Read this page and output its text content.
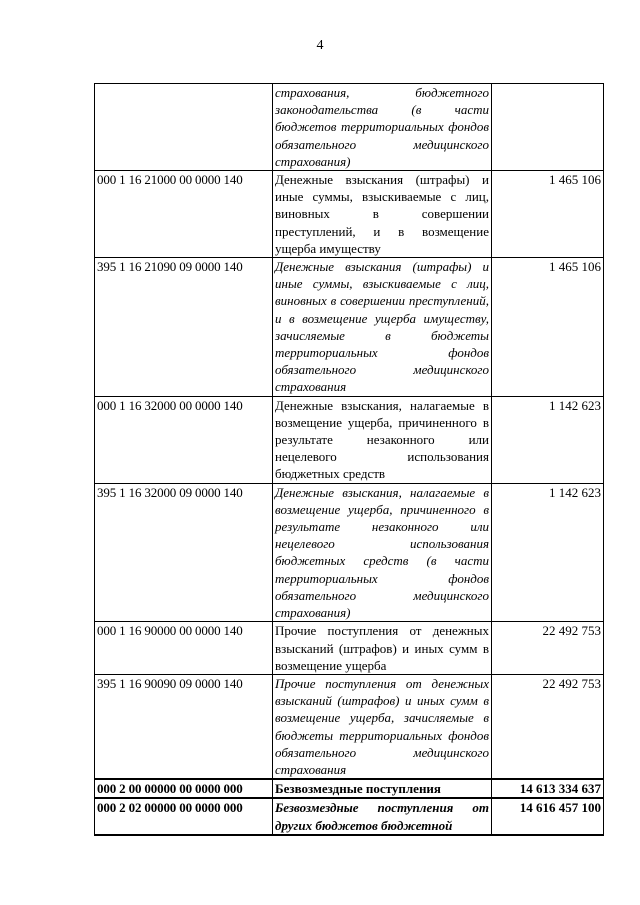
4
	страхования, бюджетного законодательства (в части бюджетов территориальных фондов обязательного медицинского страхования)	
000 1 16 21000 00 0000 140	Денежные взыскания (штрафы) и иные суммы, взыскиваемые с лиц, виновных в совершении преступлений, и в возмещение ущерба имуществу	1 465 106
395 1 16 21090 09 0000 140	Денежные взыскания (штрафы) и иные суммы, взыскиваемые с лиц, виновных в совершении преступлений, и в возмещение ущерба имуществу, зачисляемые в бюджеты территориальных фондов обязательного медицинского страхования	1 465 106
000 1 16 32000 00 0000 140	Денежные взыскания, налагаемые в возмещение ущерба, причиненного в результате незаконного или нецелевого использования бюджетных средств	1 142 623
395 1 16 32000 09 0000 140	Денежные взыскания, налагаемые в возмещение ущерба, причиненного в результате незаконного или нецелевого использования бюджетных средств (в части территориальных фондов обязательного медицинского страхования)	1 142 623
000 1 16 90000 00 0000 140	Прочие поступления от денежных взысканий (штрафов) и иных сумм в возмещение ущерба	22 492 753
395 1 16 90090 09 0000 140	Прочие поступления от денежных взысканий (штрафов) и иных сумм в возмещение ущерба, зачисляемые в бюджеты территориальных фондов обязательного медицинского страхования	22 492 753
000 2 00 00000 00 0000 000	Безвозмездные поступления	14 613 334 637
000 2 02 00000 00 0000 000	Безвозмездные поступления от других бюджетов бюджетной	14 616 457 100
